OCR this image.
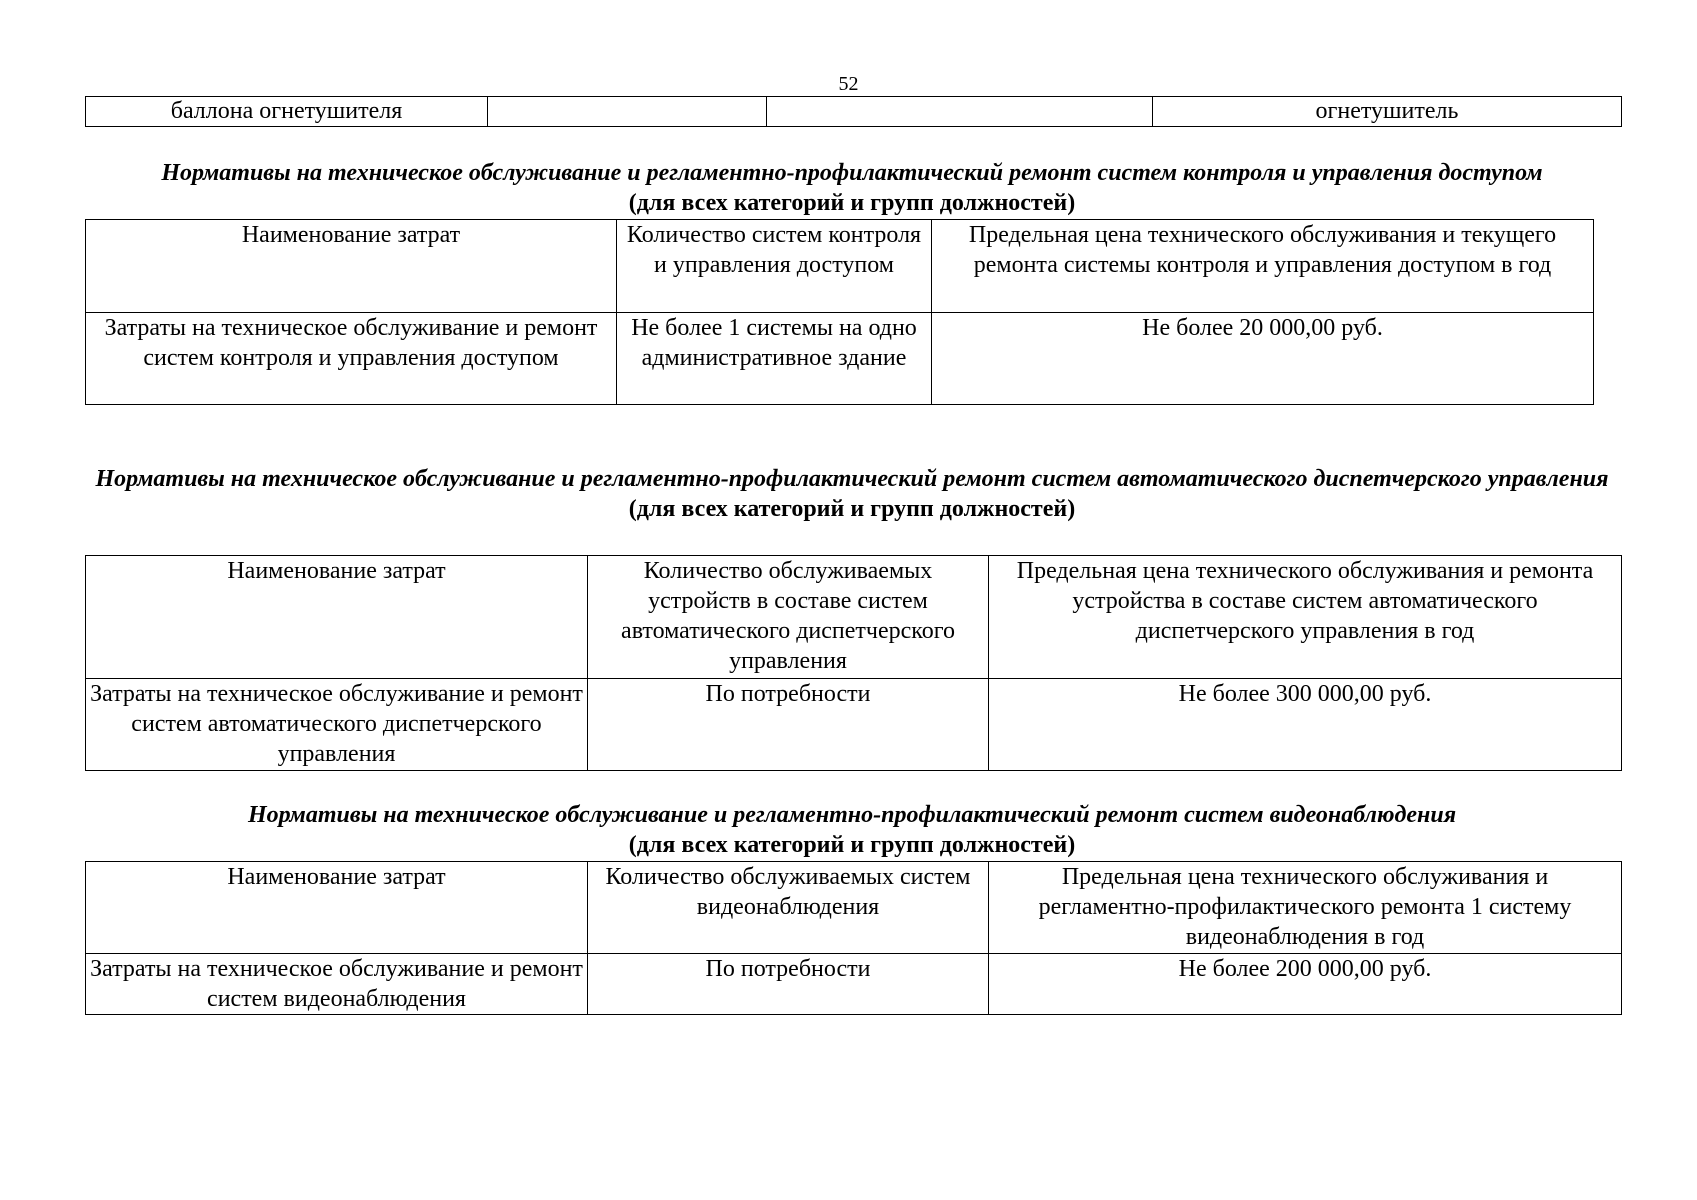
52
баллона огнетушителя			огнетушитель
Нормативы на техническое обслуживание и регламентно-профилактический ремонт систем контроля и управления доступом
(для всех категорий и групп должностей)
Наименование затрат	Количество систем контроля и управления доступом	Предельная цена технического обслуживания и текущего ремонта системы контроля и управления доступом в год
Затраты на техническое обслуживание и ремонт систем контроля и управления доступом	Не более 1 системы на одно административное здание	Не более 20 000,00 руб.
Нормативы на техническое обслуживание и регламентно-профилактический ремонт систем автоматического диспетчерского управления
(для всех категорий и групп должностей)
Наименование затрат	Количество обслуживаемых устройств в составе систем автоматического диспетчерского управления	Предельная цена технического обслуживания и ремонта устройства в составе систем автоматического диспетчерского управления в год
Затраты на техническое обслуживание и ремонт систем автоматического диспетчерского управления	По потребности	Не более 300 000,00 руб.
Нормативы на техническое обслуживание и регламентно-профилактический ремонт систем видеонаблюдения
(для всех категорий и групп должностей)
Наименование затрат	Количество обслуживаемых систем видеонаблюдения	Предельная цена технического обслуживания и регламентно-профилактического ремонта 1 систему видеонаблюдения в год
Затраты на техническое обслуживание и ремонт систем видеонаблюдения	По потребности	Не более 200 000,00 руб.
